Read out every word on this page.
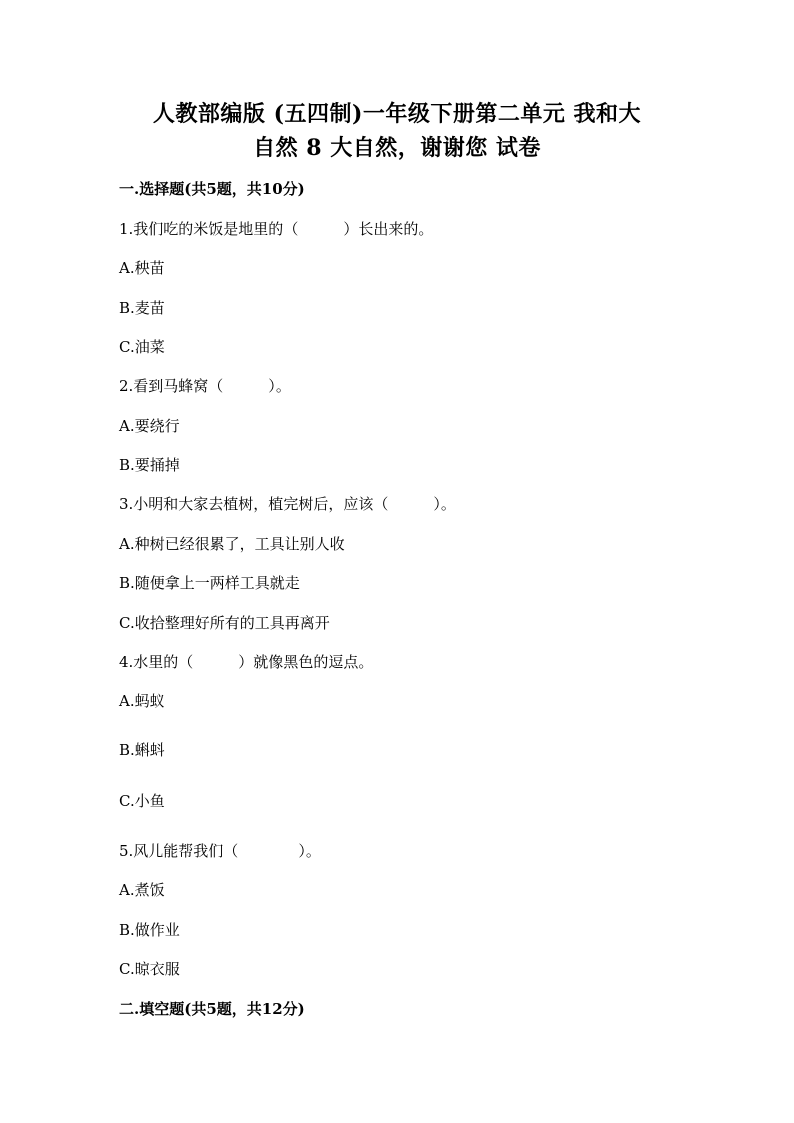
人教部编版 (五四制)一年级下册第二单元 我和大
自然 8 大自然，谢谢您 试卷
一.选择题(共5题，共10分)
1.我们吃的米饭是地里的（　　　）长出来的。
A.秧苗
B.麦苗
C.油菜
2.看到马蜂窝（　　　）。
A.要绕行
B.要捅掉
3.小明和大家去植树，植完树后，应该（　　　）。
A.种树已经很累了，工具让别人收
B.随便拿上一两样工具就走
C.收拾整理好所有的工具再离开
4.水里的（　　　）就像黑色的逗点。
A.蚂蚁
B.蝌蚪
C.小鱼
5.风儿能帮我们（　　　　）。
A.煮饭
B.做作业
C.晾衣服
二.填空题(共5题，共12分)
